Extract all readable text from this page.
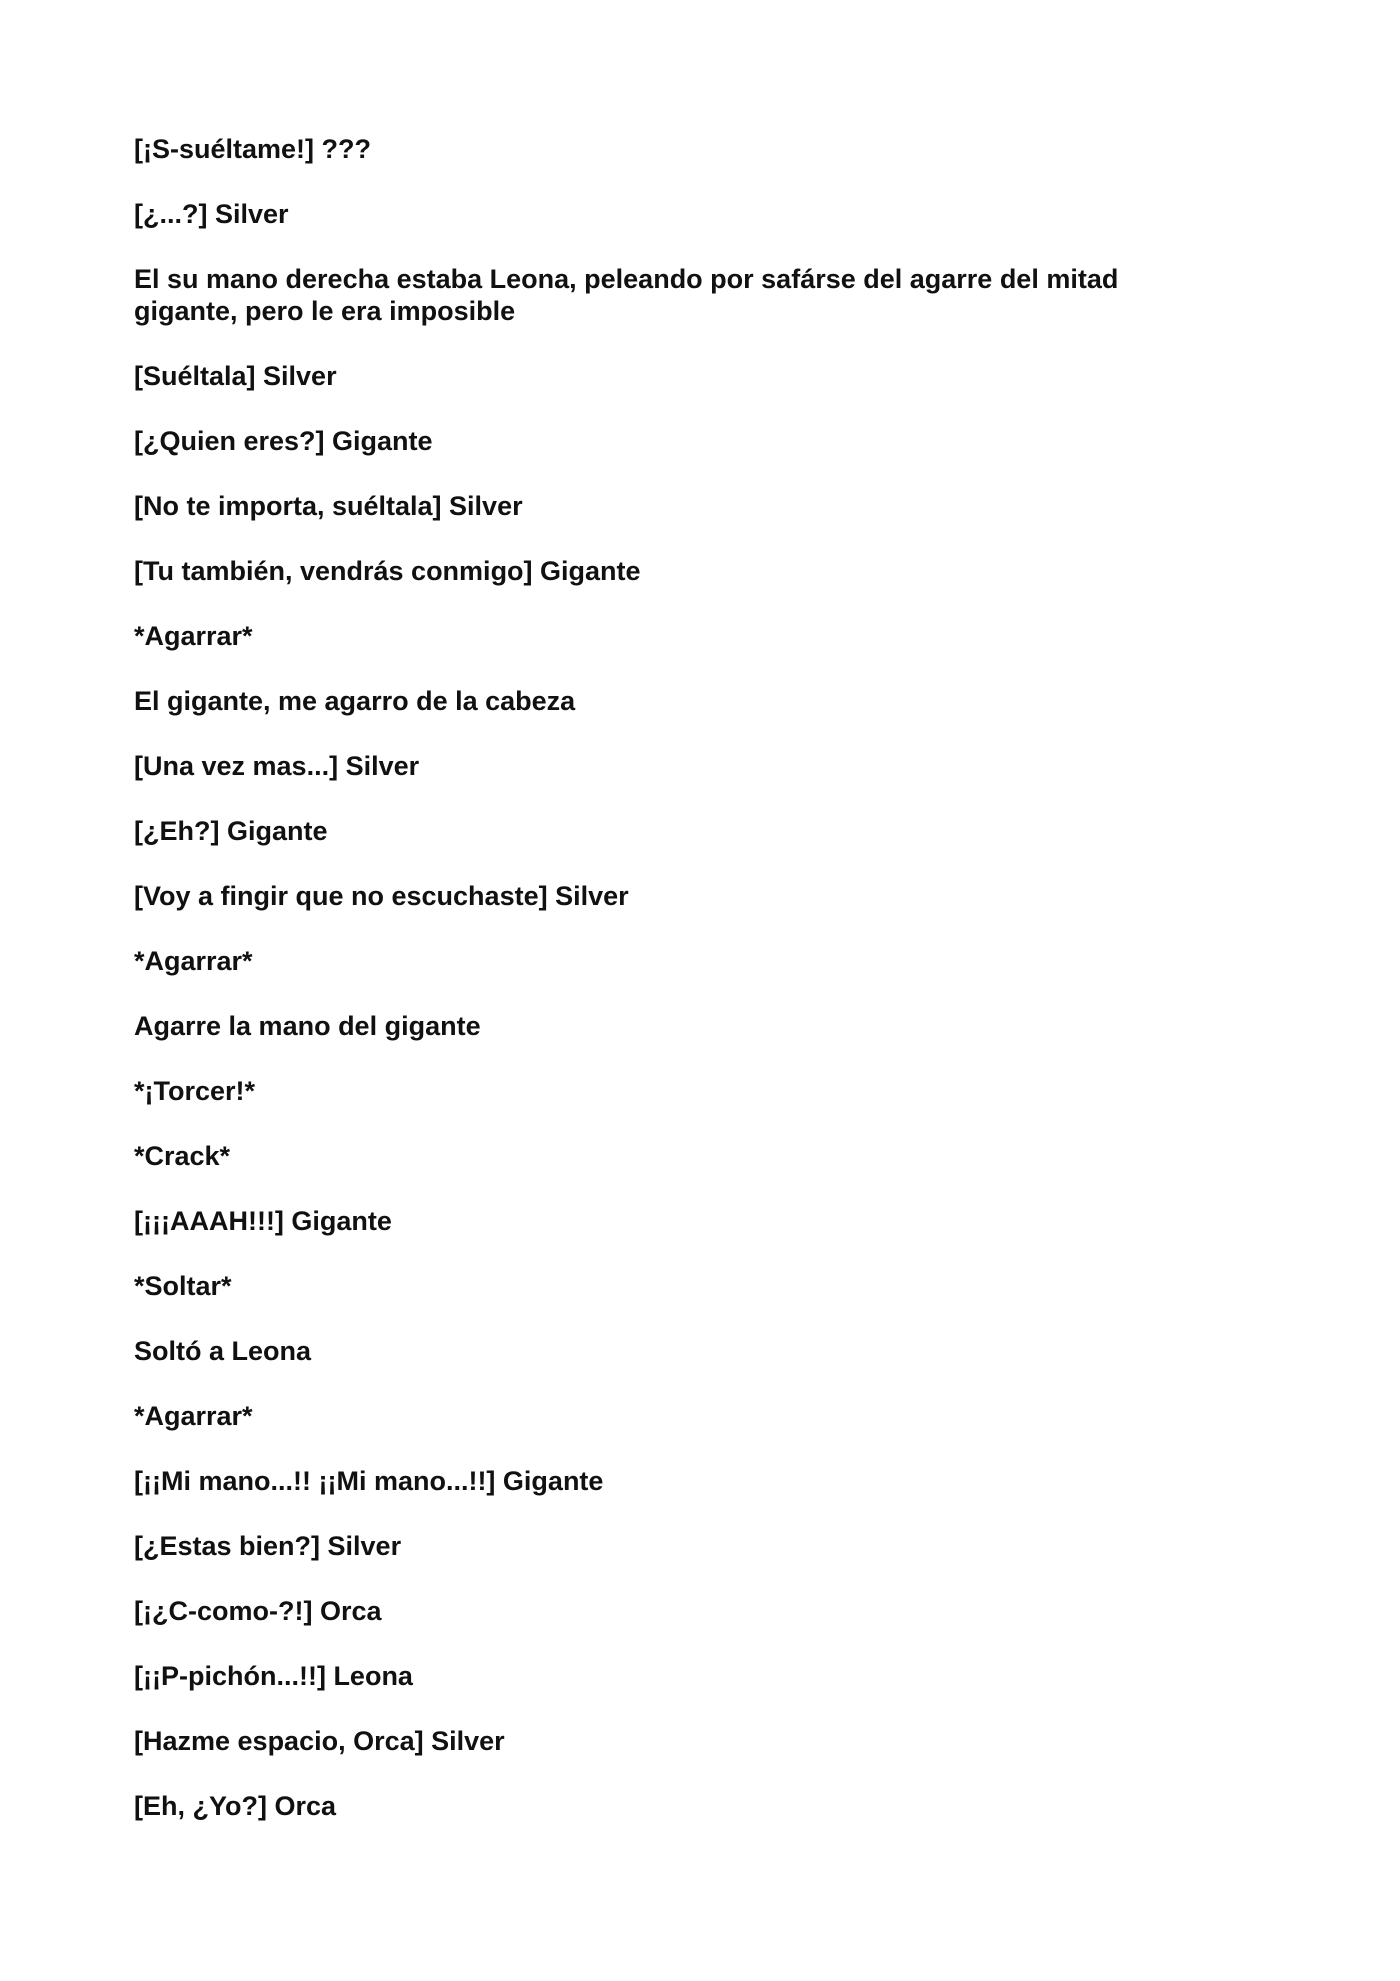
[¡S-suéltame!] ???

[¿...?] Silver

El su mano derecha estaba Leona, peleando por safárse del agarre del mitad gigante, pero le era imposible

[Suéltala] Silver

[¿Quien eres?] Gigante

[No te importa, suéltala] Silver

[Tu también, vendrás conmigo] Gigante

*Agarrar*

El gigante, me agarro de la cabeza

[Una vez mas...] Silver

[¿Eh?] Gigante

[Voy a fingir que no escuchaste] Silver

*Agarrar*

Agarre la mano del gigante

*¡Torcer!*

*Crack*

[¡¡¡AAAH!!!] Gigante

*Soltar*

Soltó a Leona

*Agarrar*

[¡¡Mi mano...!! ¡¡Mi mano...!!] Gigante

[¿Estas bien?] Silver

[¡¿C-como-?!] Orca

[¡¡P-pichón...!!] Leona

[Hazme espacio, Orca] Silver

[Eh, ¿Yo?] Orca
